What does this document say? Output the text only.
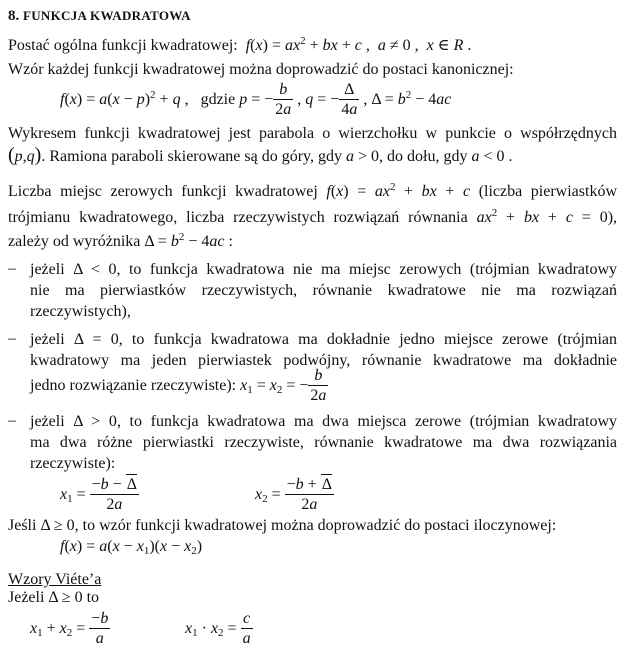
8. FUNKCJA KWADRATOWA
Postać ogólna funkcji kwadratowej: $f(x) = ax^2$ + bx + c ,  a ≠ 0 ,  x ∈ R .
Wzór każdej funkcji kwadratowej można doprowadzić do postaci kanonicznej:
$f(x) = a(x - p)^2 + q$ ,   gdzie p = − $\frac{b}{2a}$ , q = − $\frac{\Delta}{4a}$ , $\Delta = b^2 - 4ac$
Wykresem funkcji kwadratowej jest parabola o wierzchołku w punkcie o współrzędnych
(p,q). Ramiona paraboli skierowane są do góry, gdy a > 0, do dołu, gdy a < 0 .
Liczba miejsc zerowych funkcji kwadratowej $f(x) = ax^2$ + bx + c (liczba pierwiastków
trójmianu kwadratowego, liczba rzeczywistych rozwiązań równania $ax^2$ + bx + c = 0),
zależy od wyróżnika $\Delta = b^2 - 4ac$ :
– jeżeli Δ < 0, to funkcja kwadratowa nie ma miejsc zerowych (trójmian kwadratowy
nie ma pierwiastków rzeczywistych, równanie kwadratowe nie ma rozwiązań
rzeczywistych),
– jeżeli Δ = 0, to funkcja kwadratowa ma dokładnie jedno miejsce zerowe (trójmian
kwadratowy ma jeden pierwiastek podwójny, równanie kwadratowe ma dokładnie
jedno rozwiązanie rzeczywiste): $x_1 = x_2$ = − $\frac{b}{2a}$
– jeżeli Δ > 0, to funkcja kwadratowa ma dwa miejsca zerowe (trójmian kwadratowy
ma dwa różne pierwiastki rzeczywiste, równanie kwadratowe ma dwa rozwiązania
rzeczywiste):
$x_1 = \frac{-b - \Delta}{2a}$	$x_2 = \frac{-b + \Delta}{2a}$
Jeśli Δ ≥ 0, to wzór funkcji kwadratowej można doprowadzić do postaci iloczynowej:
$f(x) = a(x - x_1)(x - x_2)$
Wzory Viéte’a
Jeżeli Δ ≥ 0 to
$x_1 + x_2 = \frac{-b}{a}$	$x_1 \cdot x_2 = \frac{c}{a}$
